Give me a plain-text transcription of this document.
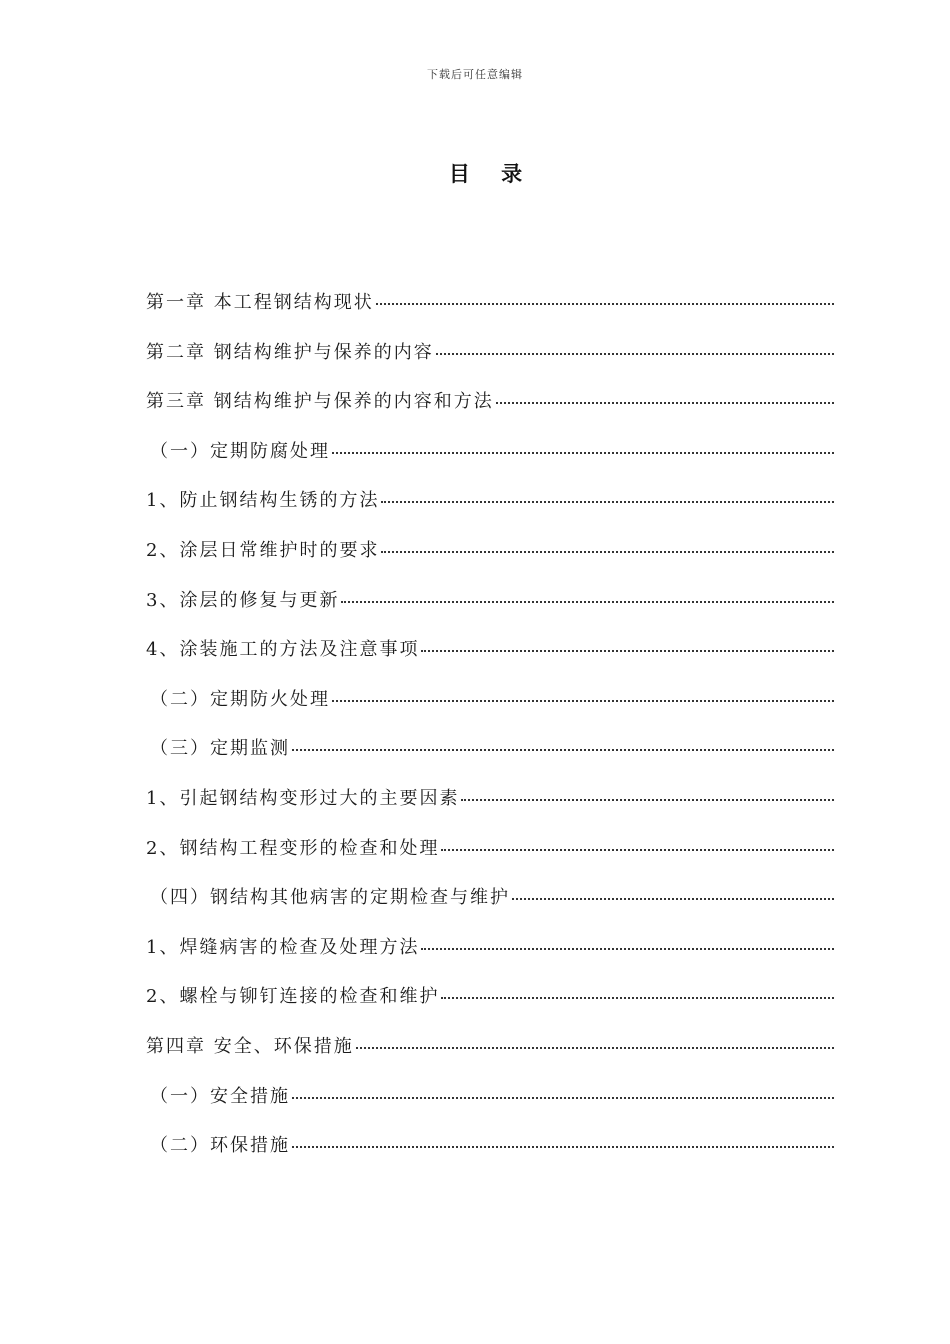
下载后可任意编辑
目 录
第一章 本工程钢结构现状
第二章 钢结构维护与保养的内容
第三章 钢结构维护与保养的内容和方法
（一）定期防腐处理
1、防止钢结构生锈的方法
2、涂层日常维护时的要求
3、涂层的修复与更新
4、涂装施工的方法及注意事项
（二）定期防火处理
（三）定期监测
1、引起钢结构变形过大的主要因素
2、钢结构工程变形的检查和处理
（四）钢结构其他病害的定期检查与维护
1、焊缝病害的检查及处理方法
2、螺栓与铆钉连接的检查和维护
第四章 安全、环保措施
（一）安全措施
（二）环保措施
